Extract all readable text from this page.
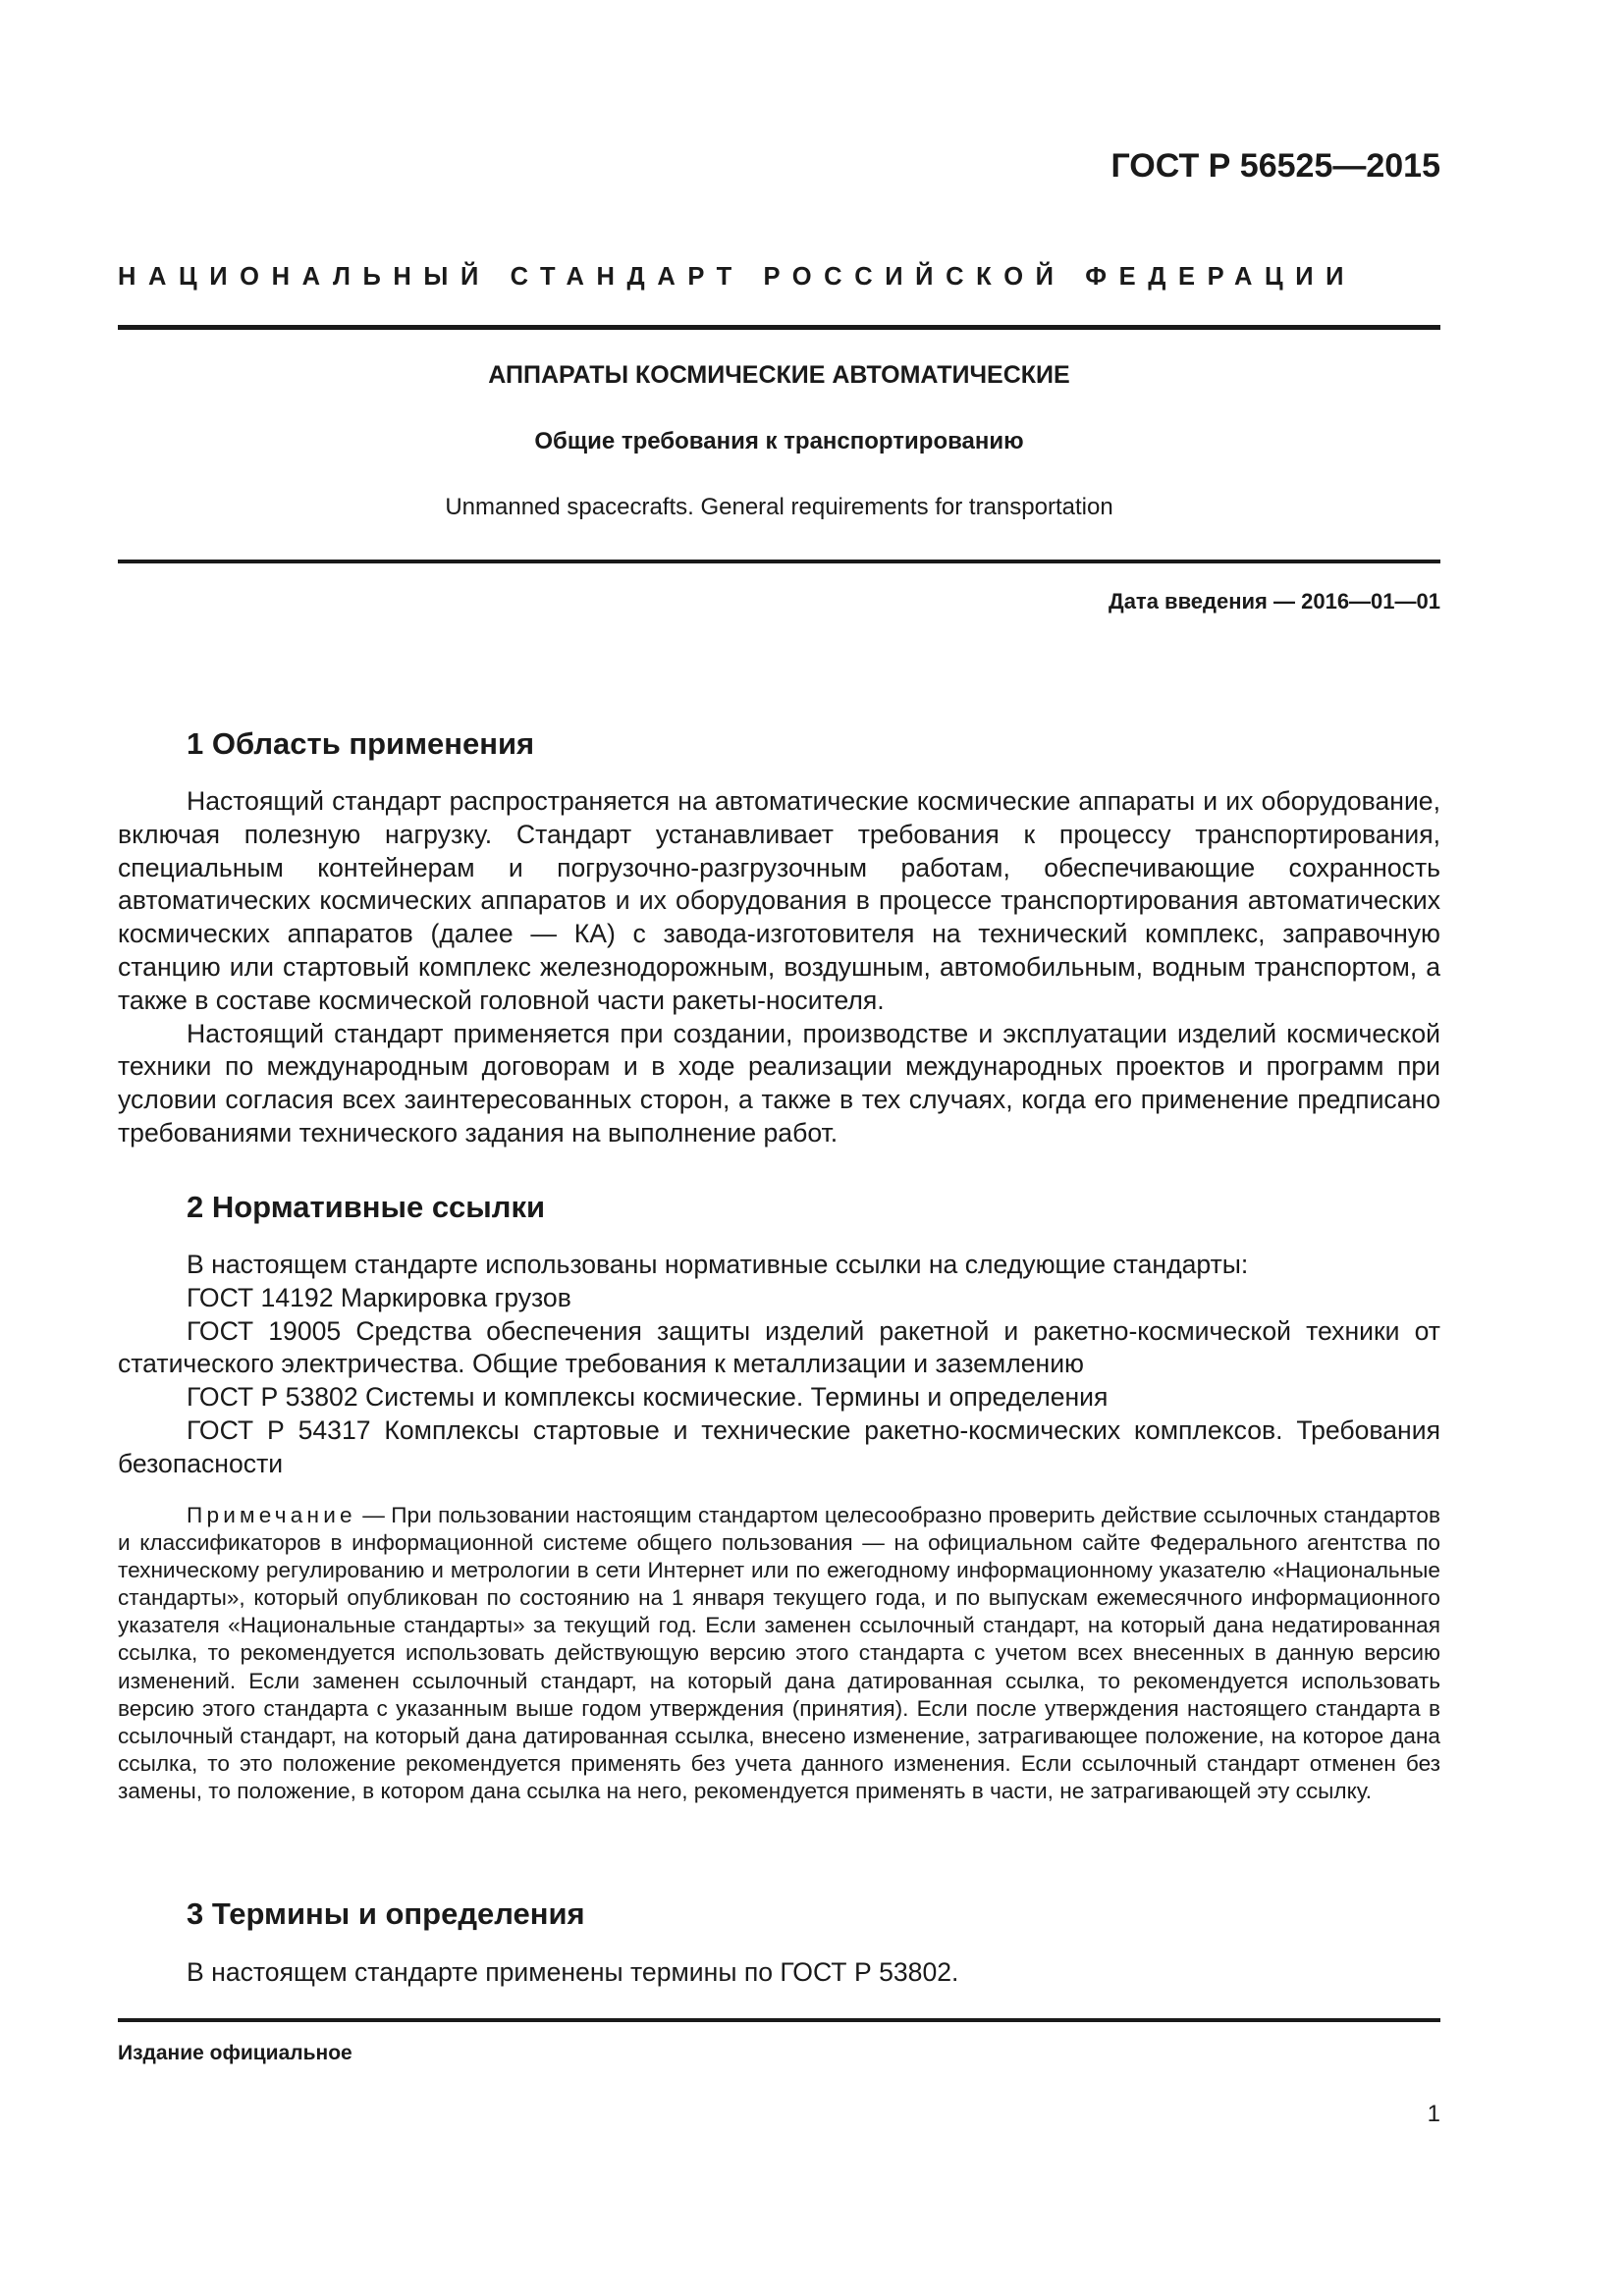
ГОСТ Р 56525—2015
НАЦИОНАЛЬНЫЙ СТАНДАРТ РОССИЙСКОЙ ФЕДЕРАЦИИ
АППАРАТЫ КОСМИЧЕСКИЕ АВТОМАТИЧЕСКИЕ
Общие требования к транспортированию
Unmanned spacecrafts. General requirements for transportation
Дата введения — 2016—01—01
1 Область применения

Настоящий стандарт распространяется на автоматические космические аппараты и их оборудование, включая полезную нагрузку. Стандарт устанавливает требования к процессу транспортирования, специальным контейнерам и погрузочно-разгрузочным работам, обеспечивающие сохранность автоматических космических аппаратов и их оборудования в процессе транспортирования автоматических космических аппаратов (далее — КА) с завода-изготовителя на технический комплекс, заправочную станцию или стартовый комплекс железнодорожным, воздушным, автомобильным, водным транспортом, а также в составе космической головной части ракеты-носителя.

Настоящий стандарт применяется при создании, производстве и эксплуатации изделий космической техники по международным договорам и в ходе реализации международных проектов и программ при условии согласия всех заинтересованных сторон, а также в тех случаях, когда его применение предписано требованиями технического задания на выполнение работ.

2 Нормативные ссылки

В настоящем стандарте использованы нормативные ссылки на следующие стандарты:

ГОСТ 14192 Маркировка грузов

ГОСТ 19005 Средства обеспечения защиты изделий ракетной и ракетно-космической техники от статического электричества. Общие требования к металлизации и заземлению

ГОСТ Р 53802 Системы и комплексы космические. Термины и определения

ГОСТ Р 54317 Комплексы стартовые и технические ракетно-космических комплексов. Требования безопасности

Примечание — При пользовании настоящим стандартом целесообразно проверить действие ссылочных стандартов и классификаторов в информационной системе общего пользования — на официальном сайте Федерального агентства по техническому регулированию и метрологии в сети Интернет или по ежегодному информационному указателю «Национальные стандарты», который опубликован по состоянию на 1 января текущего года, и по выпускам ежемесячного информационного указателя «Национальные стандарты» за текущий год. Если заменен ссылочный стандарт, на который дана недатированная ссылка, то рекомендуется использовать действующую версию этого стандарта с учетом всех внесенных в данную версию изменений. Если заменен ссылочный стандарт, на который дана датированная ссылка, то рекомендуется использовать версию этого стандарта с указанным выше годом утверждения (принятия). Если после утверждения настоящего стандарта в ссылочный стандарт, на который дана датированная ссылка, внесено изменение, затрагивающее положение, на которое дана ссылка, то это положение рекомендуется применять без учета данного изменения. Если ссылочный стандарт отменен без замены, то положение, в котором дана ссылка на него, рекомендуется применять в части, не затрагивающей эту ссылку.

3 Термины и определения

В настоящем стандарте применены термины по ГОСТ Р 53802.

Издание официальное
1
